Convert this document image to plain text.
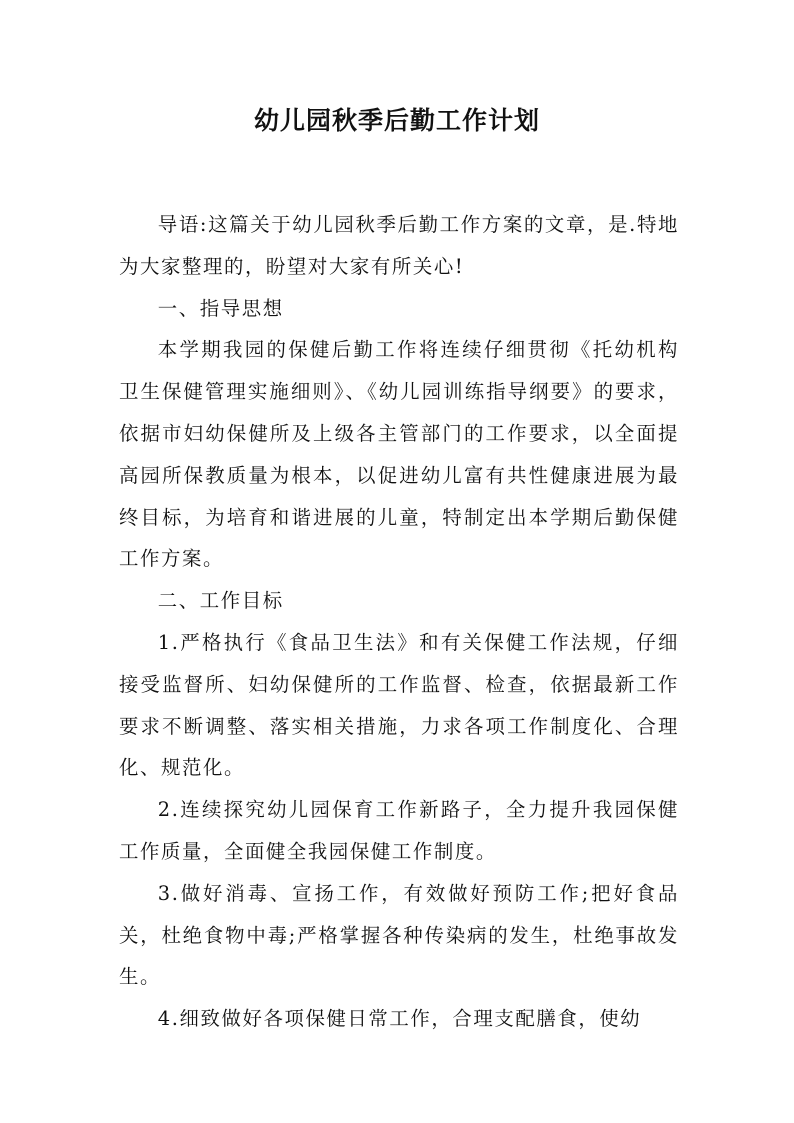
幼儿园秋季后勤工作计划

导语:这篇关于幼儿园秋季后勤工作方案的文章，是.特地为大家整理的，盼望对大家有所关心!

一、指导思想

本学期我园的保健后勤工作将连续仔细贯彻《托幼机构卫生保健管理实施细则》、《幼儿园训练指导纲要》的要求，依据市妇幼保健所及上级各主管部门的工作要求，以全面提高园所保教质量为根本，以促进幼儿富有共性健康进展为最终目标，为培育和谐进展的儿童，特制定出本学期后勤保健工作方案。

二、工作目标

1.严格执行《食品卫生法》和有关保健工作法规，仔细接受监督所、妇幼保健所的工作监督、检查，依据最新工作要求不断调整、落实相关措施，力求各项工作制度化、合理化、规范化。

2.连续探究幼儿园保育工作新路子，全力提升我园保健工作质量，全面健全我园保健工作制度。

3.做好消毒、宣扬工作，有效做好预防工作;把好食品关，杜绝食物中毒;严格掌握各种传染病的发生，杜绝事故发生。

4.细致做好各项保健日常工作，合理支配膳食，使幼
